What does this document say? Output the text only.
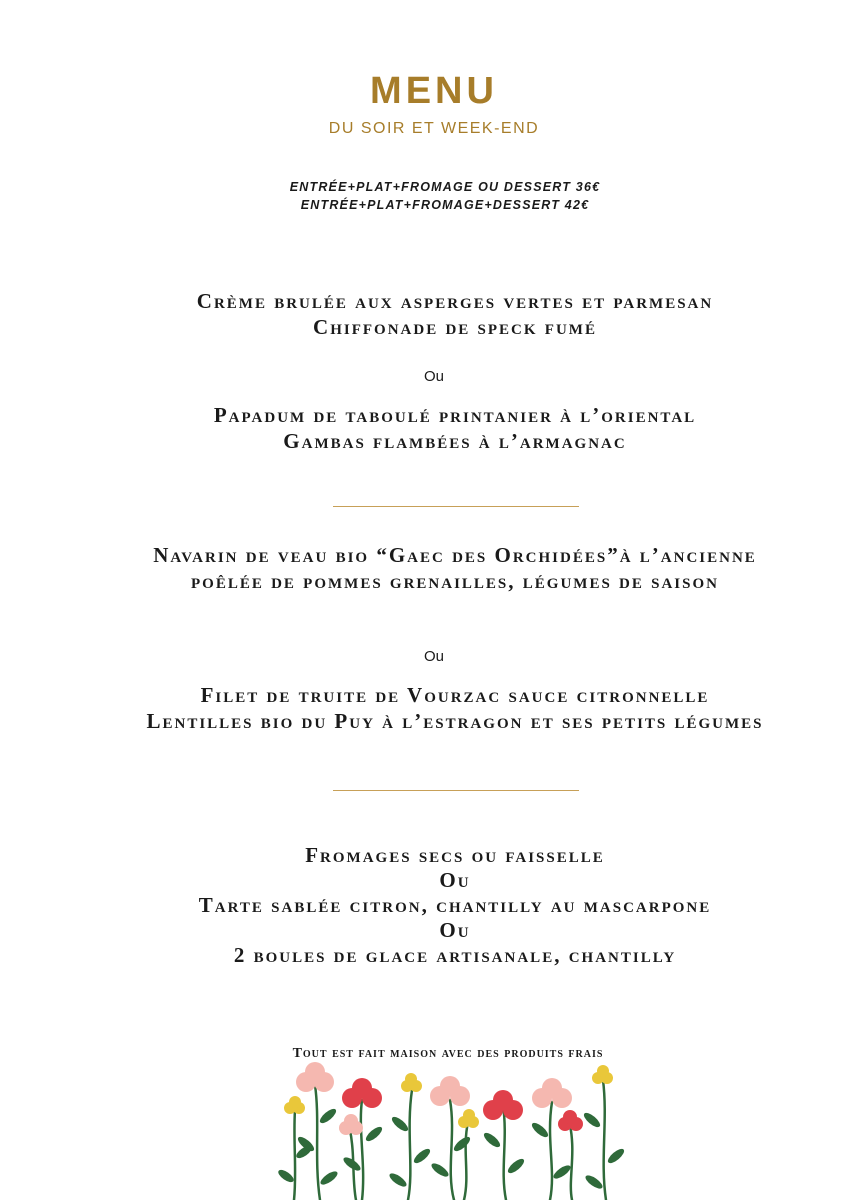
MENU
DU SOIR ET WEEK-END
ENTRÉE+PLAT+FROMAGE OU DESSERT 36€
ENTRÉE+PLAT+FROMAGE+DESSERT 42€
Crème brulée aux asperges vertes et parmesan
Chiffonade de speck fumé
Ou
Papadum de taboulé printanier à l’oriental
Gambas flambées à l’armagnac
Navarin de veau bio “Gaec des Orchidées”à l’ancienne
poêlée de pommes grenailles, légumes de saison
Ou
Filet de truite de Vourzac sauce citronnelle
Lentilles bio du Puy à l’estragon et ses petits légumes
Fromages secs ou faisselle
Ou
Tarte sablée citron, chantilly au mascarpone
Ou
2 boules de glace artisanale, chantilly
Tout est fait maison avec des produits frais
